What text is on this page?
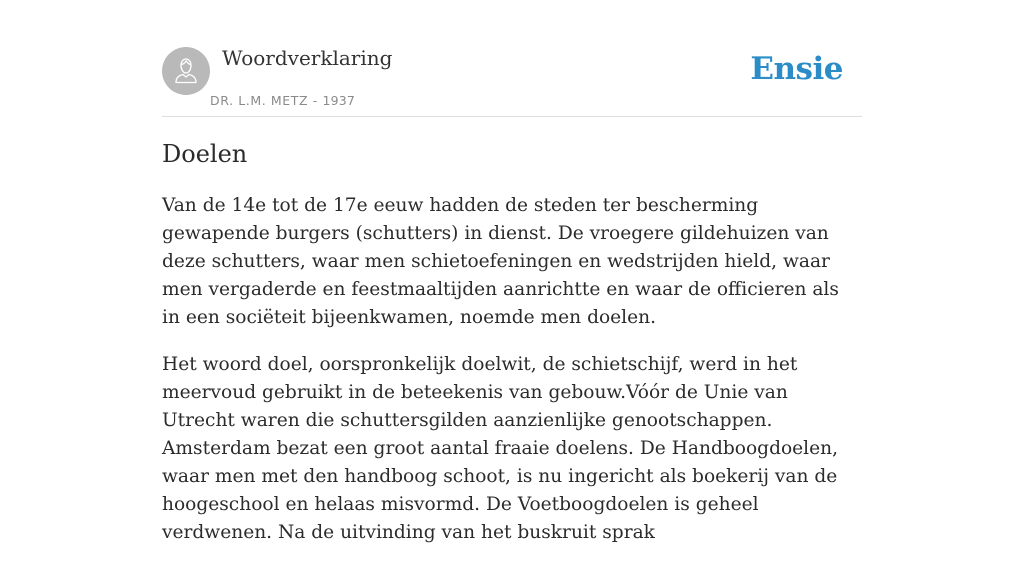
Woordverklaring
DR. L.M. METZ - 1937
Ensie
Doelen

Van de 14e tot de 17e eeuw hadden de steden ter bescherming gewapende burgers (schutters) in dienst. De vroegere gildehuizen van deze schutters, waar men schietoefeningen en wedstrijden hield, waar men vergaderde en feestmaaltijden aanrichtte en waar de officieren als in een sociëteit bijeenkwamen, noemde men doelen.

Het woord doel, oorspronkelijk doelwit, de schietschijf, werd in het meervoud gebruikt in de beteekenis van gebouw.Vóór de Unie van Utrecht waren die schuttersgilden aanzienlijke genootschappen. Amsterdam bezat een groot aantal fraaie doelens. De Handboogdoelen, waar men met den handboog schoot, is nu ingericht als boekerij van de hoogeschool en helaas misvormd. De Voetboogdoelen is geheel verdwenen. Na de uitvinding van het buskruit sprak
